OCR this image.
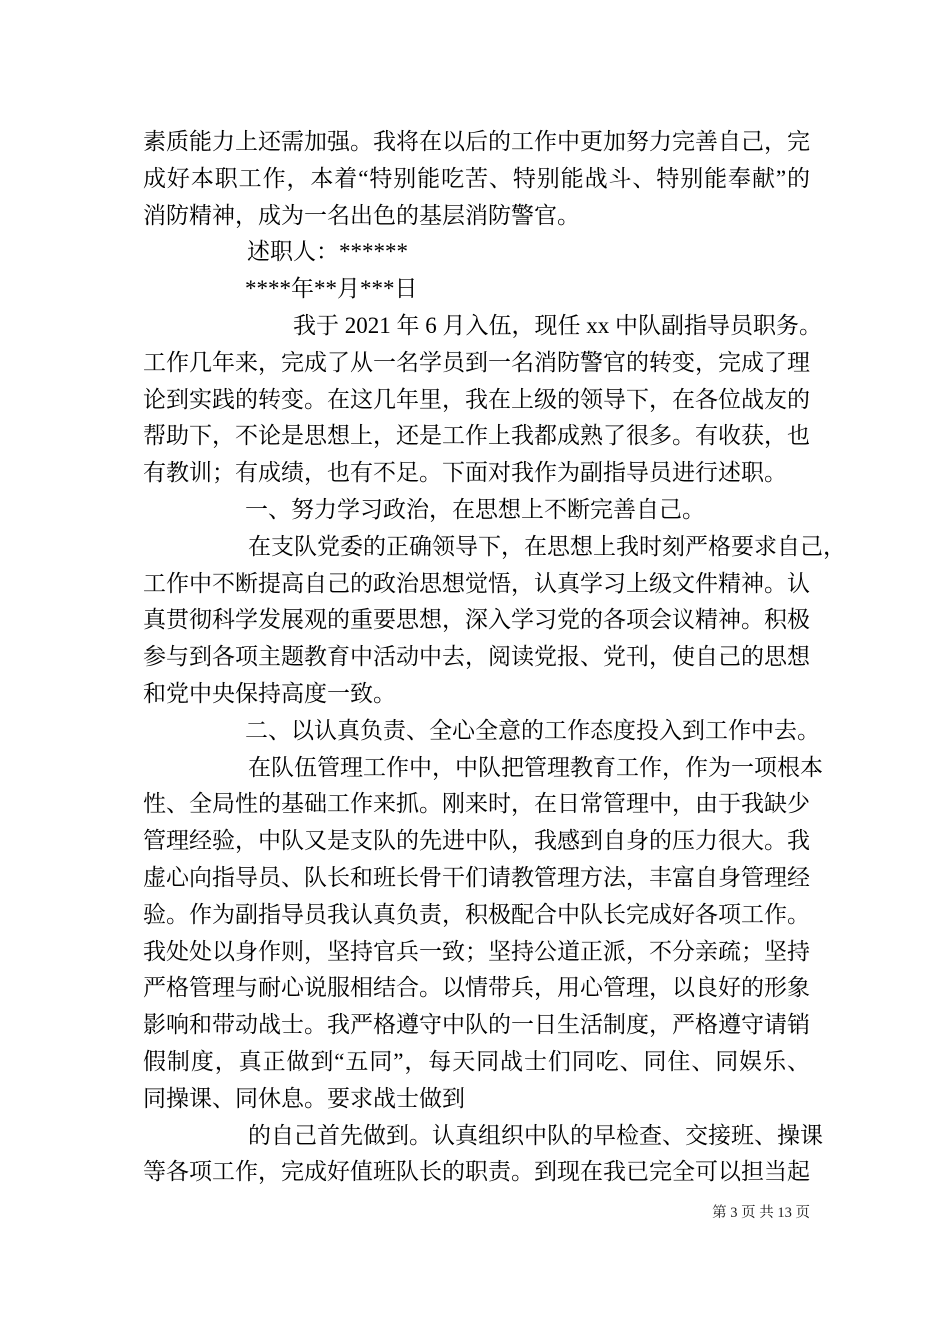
素质能力上还需加强。我将在以后的工作中更加努力完善自己，完
成好本职工作，本着“特别能吃苦、特别能战斗、特别能奉献”的
消防精神，成为一名出色的基层消防警官。
述职人：******
****年**月***日
我于 2021 年 6 月入伍，现任 xx 中队副指导员职务。
工作几年来，完成了从一名学员到一名消防警官的转变，完成了理
论到实践的转变。在这几年里，我在上级的领导下，在各位战友的
帮助下，不论是思想上，还是工作上我都成熟了很多。有收获，也
有教训；有成绩，也有不足。下面对我作为副指导员进行述职。
一、努力学习政治，在思想上不断完善自己。
在支队党委的正确领导下，在思想上我时刻严格要求自己，
工作中不断提高自己的政治思想觉悟，认真学习上级文件精神。认
真贯彻科学发展观的重要思想，深入学习党的各项会议精神。积极
参与到各项主题教育中活动中去，阅读党报、党刊，使自己的思想
和党中央保持高度一致。
二、以认真负责、全心全意的工作态度投入到工作中去。
在队伍管理工作中，中队把管理教育工作，作为一项根本
性、全局性的基础工作来抓。刚来时，在日常管理中，由于我缺少
管理经验，中队又是支队的先进中队，我感到自身的压力很大。我
虚心向指导员、队长和班长骨干们请教管理方法，丰富自身管理经
验。作为副指导员我认真负责，积极配合中队长完成好各项工作。
我处处以身作则，坚持官兵一致；坚持公道正派，不分亲疏；坚持
严格管理与耐心说服相结合。以情带兵，用心管理，以良好的形象
影响和带动战士。我严格遵守中队的一日生活制度，严格遵守请销
假制度，真正做到“五同”，每天同战士们同吃、同住、同娱乐、
同操课、同休息。要求战士做到
的自己首先做到。认真组织中队的早检查、交接班、操课
等各项工作，完成好值班队长的职责。到现在我已完全可以担当起
第 3 页 共 13 页
